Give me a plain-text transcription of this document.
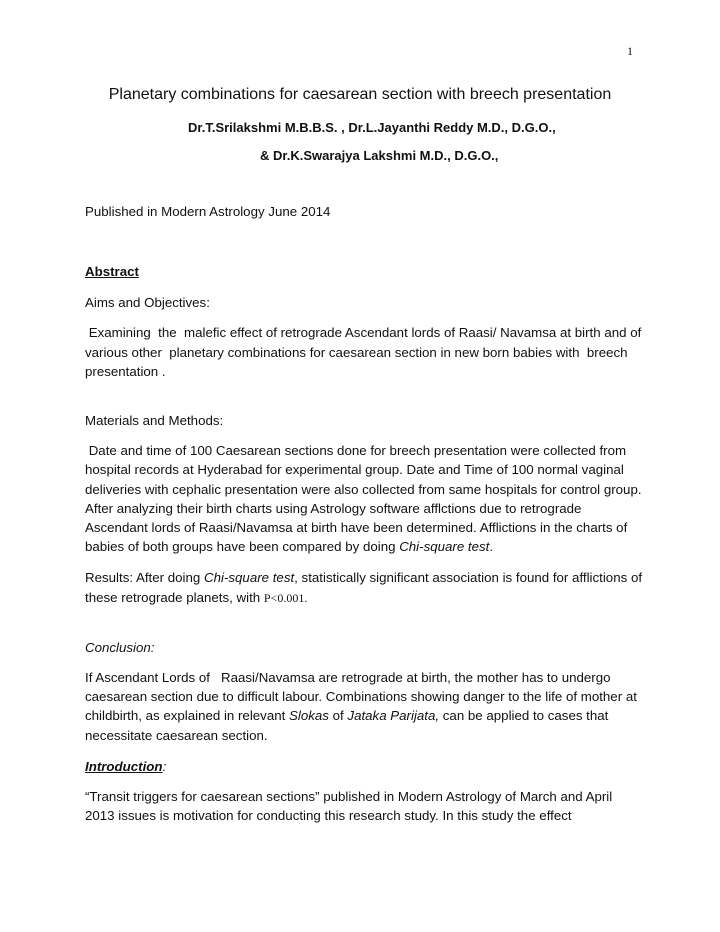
1
Planetary combinations for caesarean section with breech presentation
Dr.T.Srilakshmi M.B.B.S. , Dr.L.Jayanthi Reddy M.D., D.G.O.,
& Dr.K.Swarajya Lakshmi M.D., D.G.O.,
Published in Modern Astrology June 2014

Abstract

Aims and Objectives:

Examining  the  malefic effect of retrograde Ascendant lords of Raasi/ Navamsa at birth and of various other  planetary combinations for caesarean section in new born babies with  breech presentation .

Materials and Methods:

Date and time of 100 Caesarean sections done for breech presentation were collected from hospital records at Hyderabad for experimental group. Date and Time of 100 normal vaginal deliveries with cephalic presentation were also collected from same hospitals for control group. After analyzing their birth charts using Astrology software afflctions due to retrograde  Ascendant lords of Raasi/Navamsa at birth have been determined. Afflictions in the charts of babies of both groups have been compared by doing Chi-square test.

Results: After doing Chi-square test, statistically significant association is found for afflictions of these retrograde planets, with P<0.001.

Conclusion:

If Ascendant Lords of   Raasi/Navamsa are retrograde at birth, the mother has to undergo caesarean section due to difficult labour. Combinations showing danger to the life of mother at childbirth, as explained in relevant Slokas of Jataka Parijata, can be applied to cases that necessitate caesarean section.

Introduction:

“Transit triggers for caesarean sections” published in Modern Astrology of March and April 2013 issues is motivation for conducting this research study. In this study the effect
